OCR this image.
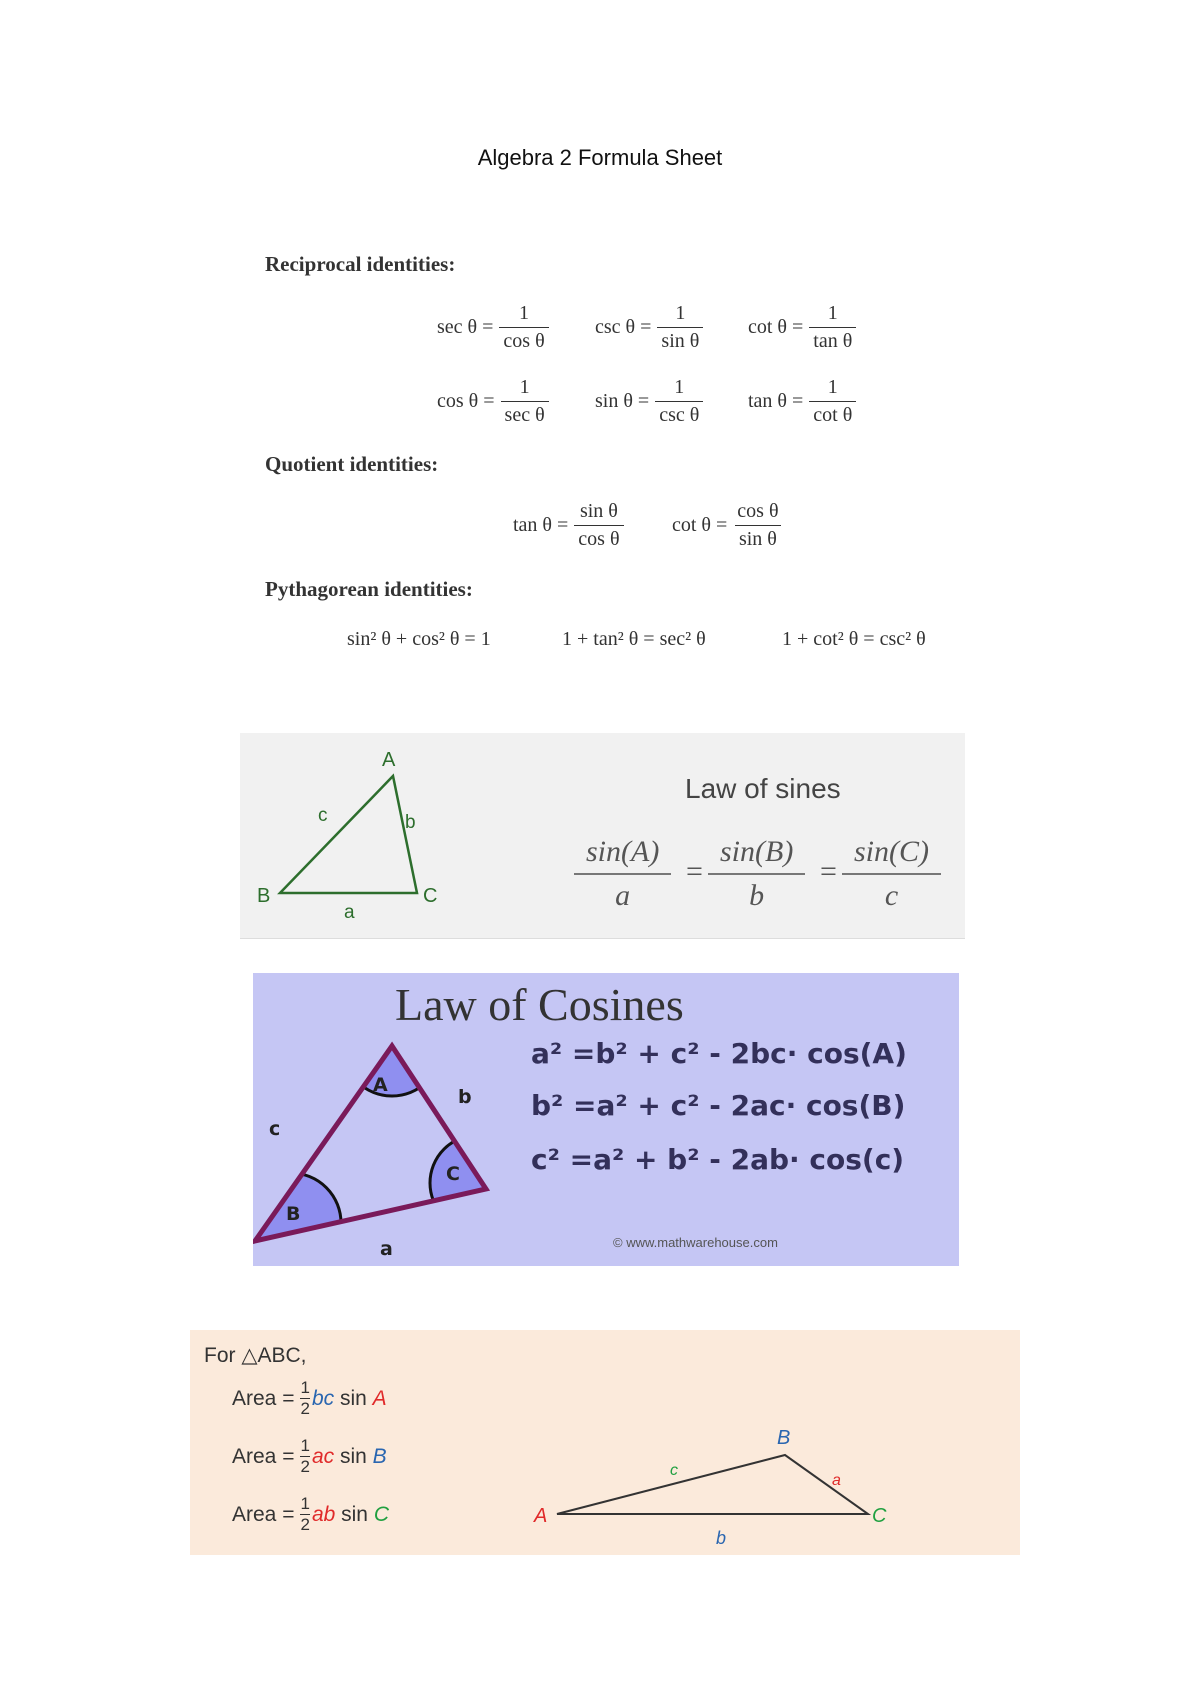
Algebra 2 Formula Sheet
Reciprocal identities:
$\sec \theta = \frac{1}{\text{cos θ}}$ $\csc \theta = \frac{1}{\text{sin θ}}$ $\cot \theta = \frac{1}{\text{tan θ}}$
$\cos \theta = \frac{1}{\text{sec θ}}$ $\sin \theta = \frac{1}{\text{csc θ}}$ $\tan \theta = \frac{1}{\text{cot θ}}$
Quotient identities:
$\tan \theta = \frac{\text{sin θ}}{\text{cos θ}}$ $\cot \theta = \frac{\text{cos θ}}{\text{sin θ}}$
Pythagorean identities:
sin² θ + cos² θ = 1	1 + tan² θ = sec² θ	1 + cot² θ = csc² θ
A
B	C
a
b
c
Law of sines
$\frac{\sin(A)}{a} = \frac{\sin(B)}{b} = \frac{\sin(C)}{c}$
Law of Cosines
A
B
C
b
c
a
a² =b² + c² - 2bc· cos(A)
b² =a² + c² - 2ac· cos(B)
c² =a² + b² - 2ab· cos(c)
© www.mathwarehouse.com
For △ABC,
Area = $\frac{1}{2}$ bc
sin
A
Area = $\frac{1}{2}$ ac
sin
B
Area = $\frac{1}{2}$ ab
sin
C	A
B
C
b
a
c
